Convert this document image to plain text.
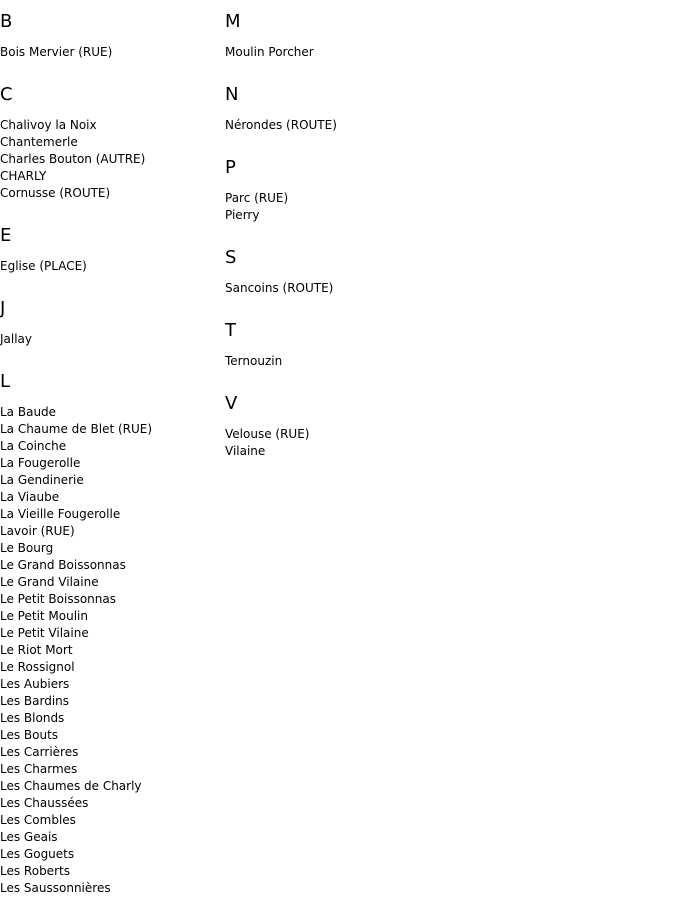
B
Bois Mervier (RUE)
C
Chalivoy la Noix
Chantemerle
Charles Bouton (AUTRE)
CHARLY
Cornusse (ROUTE)
E
Eglise (PLACE)
J
Jallay
L
La Baude
La Chaume de Blet (RUE)
La Coinche
La Fougerolle
La Gendinerie
La Viaube
La Vieille Fougerolle
Lavoir (RUE)
Le Bourg
Le Grand Boissonnas
Le Grand Vilaine
Le Petit Boissonnas
Le Petit Moulin
Le Petit Vilaine
Le Riot Mort
Le Rossignol
Les Aubiers
Les Bardins
Les Blonds
Les Bouts
Les Carrières
Les Charmes
Les Chaumes de Charly
Les Chaussées
Les Combles
Les Geais
Les Goguets
Les Roberts
Les Saussonnières
M
Moulin Porcher
N
Nérondes (ROUTE)
P
Parc (RUE)
Pierry
S
Sancoins (ROUTE)
T
Ternouzin
V
Velouse (RUE)
Vilaine
